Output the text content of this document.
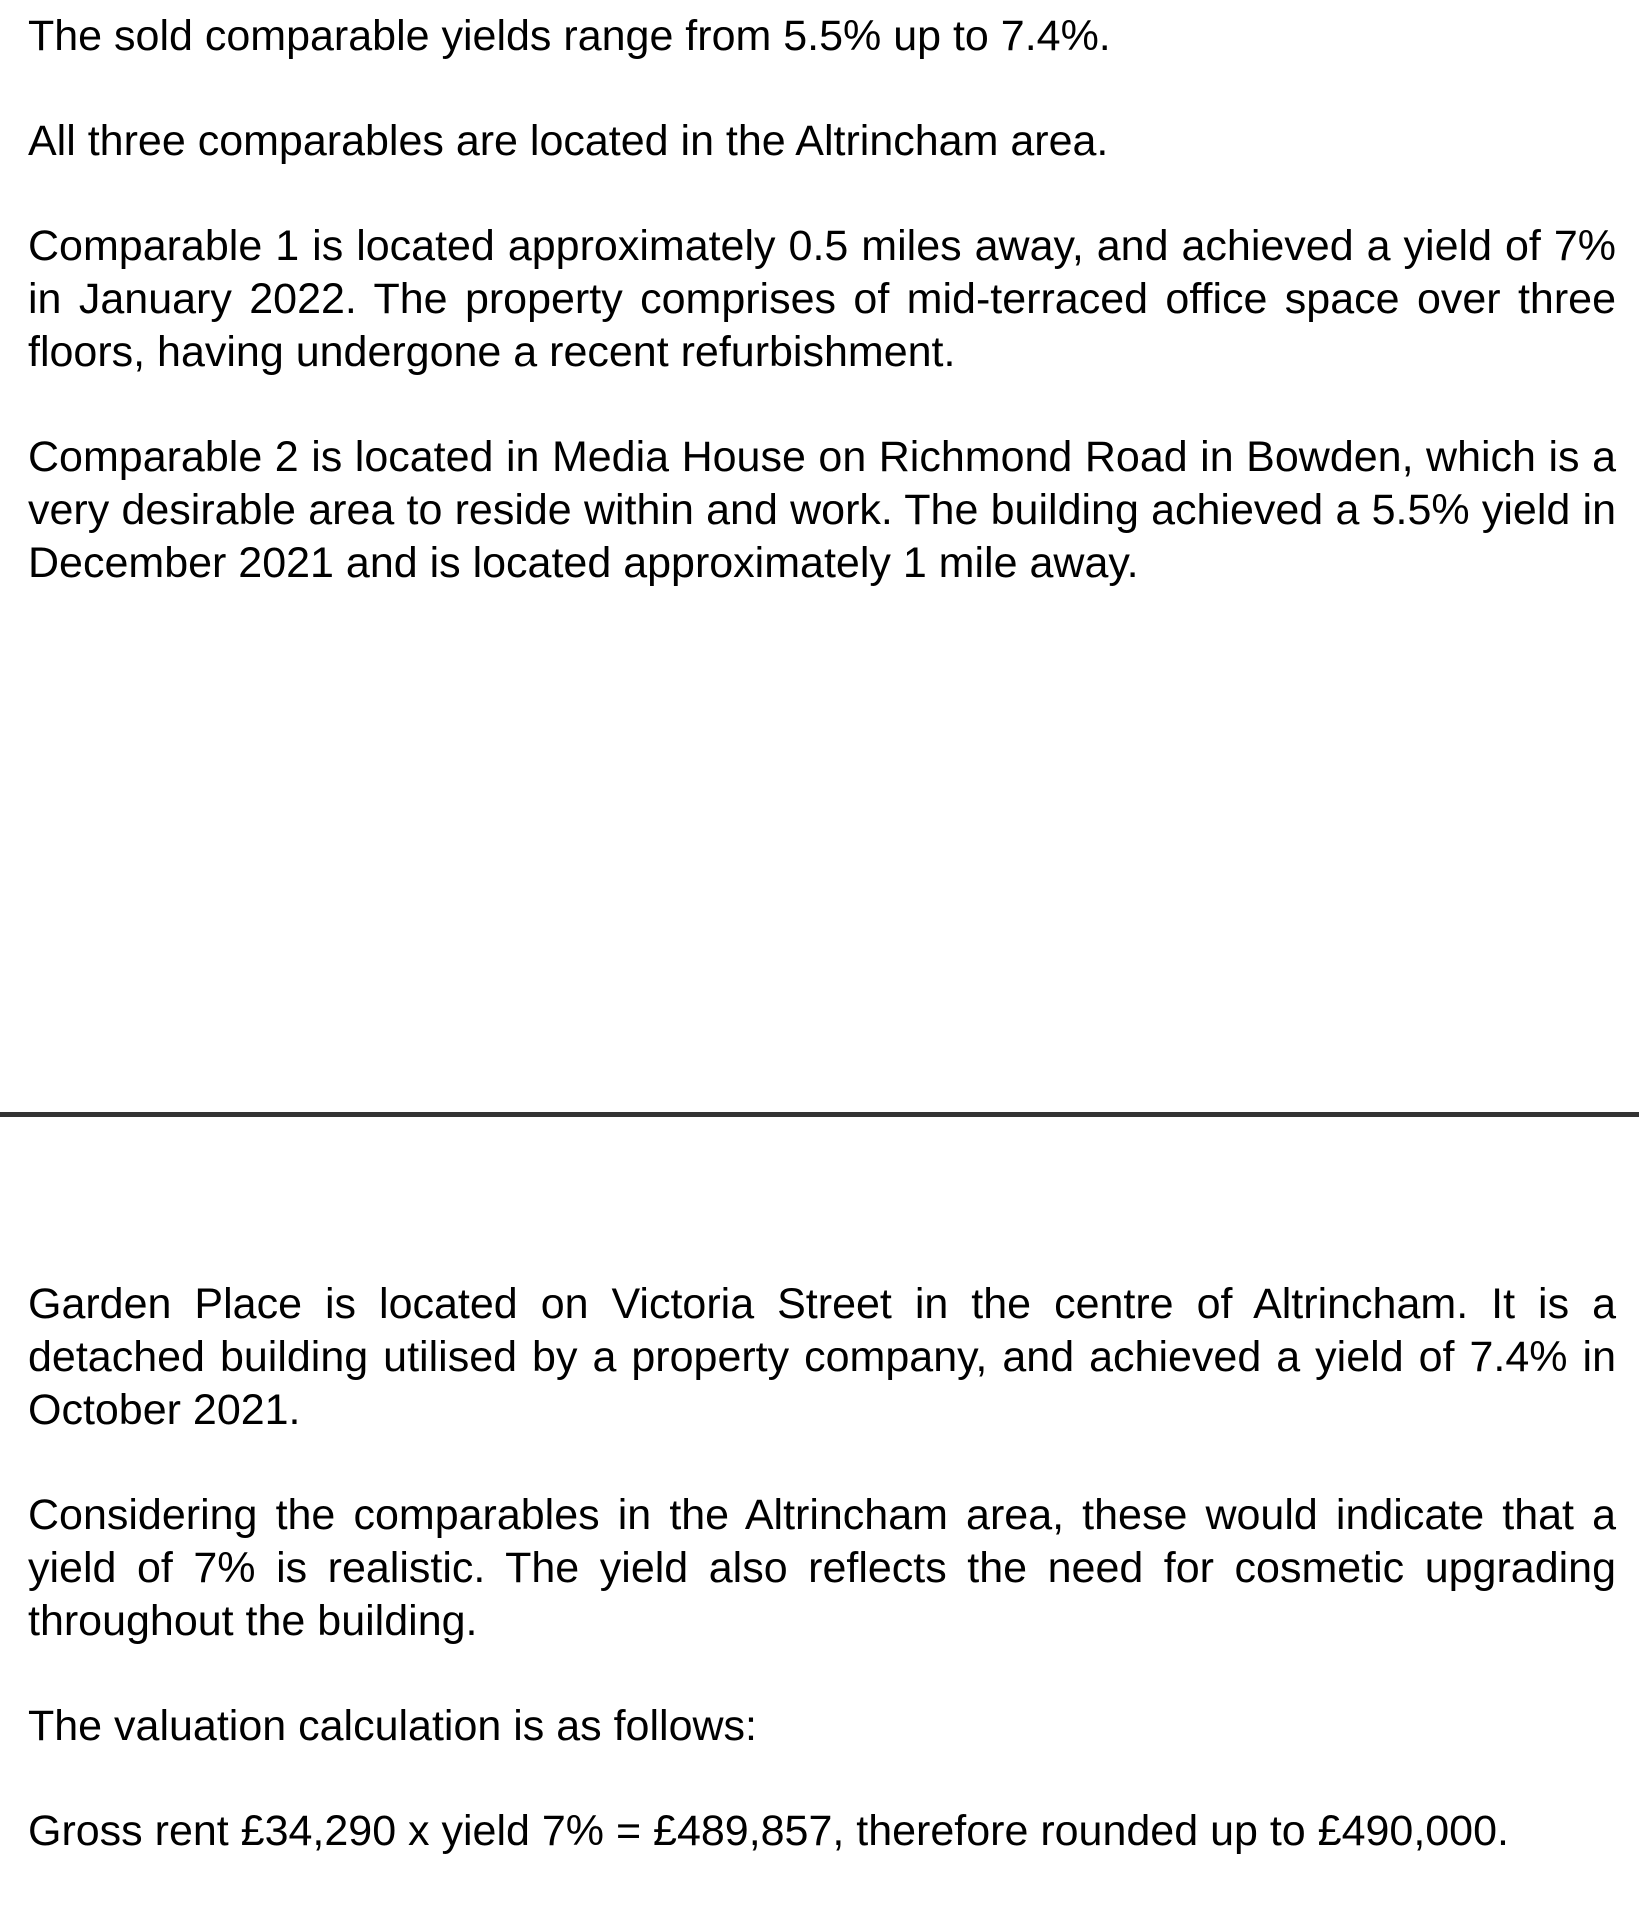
The sold comparable yields range from 5.5% up to 7.4%.

All three comparables are located in the Altrincham area.

Comparable 1 is located approximately 0.5 miles away, and achieved a yield of 7% in January 2022. The property comprises of mid-terraced office space over three floors, having undergone a recent refurbishment.

Comparable 2 is located in Media House on Richmond Road in Bowden, which is a very desirable area to reside within and work. The building achieved a 5.5% yield in December 2021 and is located approximately 1 mile away.

Garden Place is located on Victoria Street in the centre of Altrincham. It is a detached building utilised by a property company, and achieved a yield of 7.4% in October 2021.

Considering the comparables in the Altrincham area, these would indicate that a yield of 7% is realistic. The yield also reflects the need for cosmetic upgrading throughout the building.

The valuation calculation is as follows:

Gross rent £34,290 x yield 7% = £489,857, therefore rounded up to £490,000.
